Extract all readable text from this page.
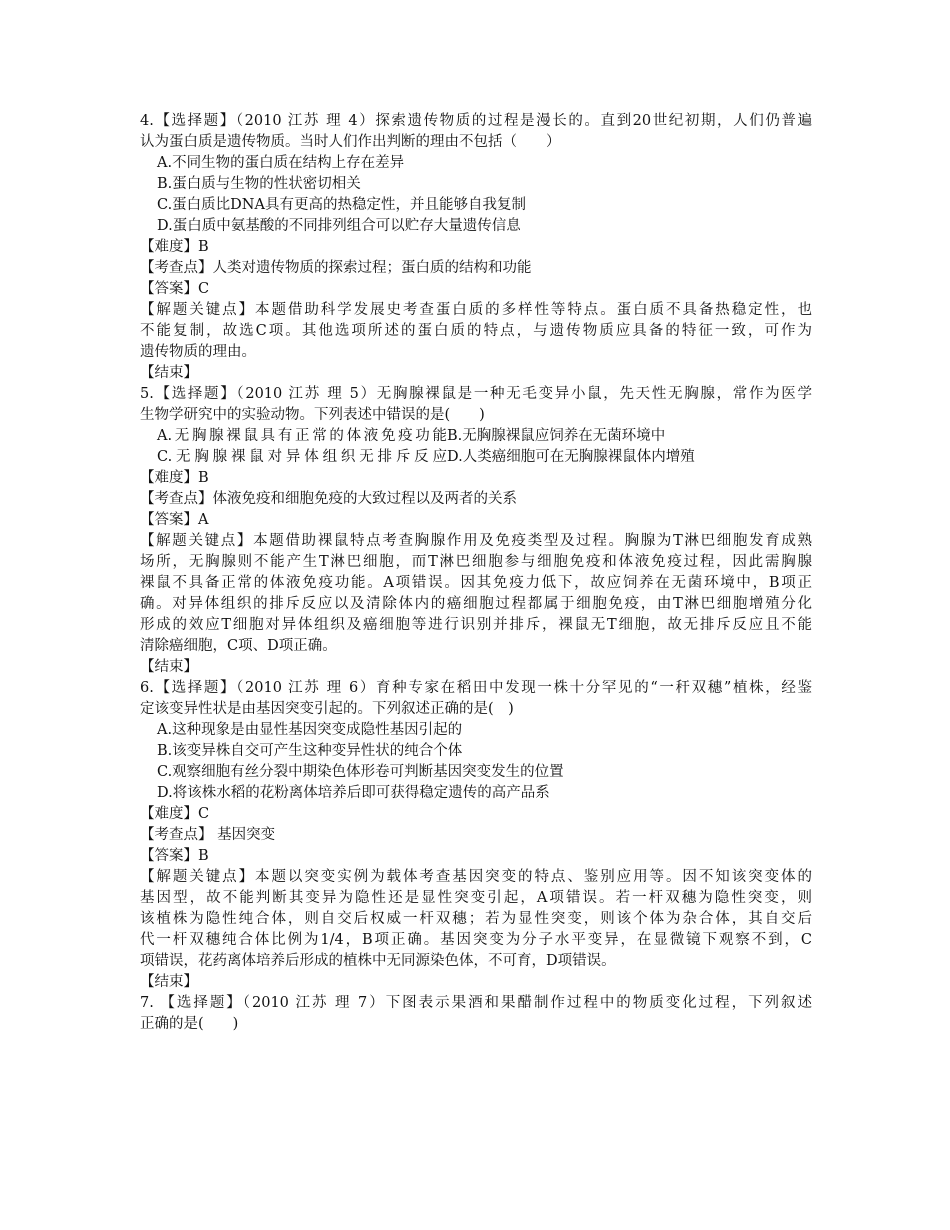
4.【选择题】（2010 江苏 理 4）探索遗传物质的过程是漫长的。直到20世纪初期，人们仍普遍
认为蛋白质是遗传物质。当时人们作出判断的理由不包括（　　）
A.不同生物的蛋白质在结构上存在差异
B.蛋白质与生物的性状密切相关
C.蛋白质比DNA具有更高的热稳定性，并且能够自我复制
D.蛋白质中氨基酸的不同排列组合可以贮存大量遗传信息
【难度】B
【考查点】人类对遗传物质的探索过程；蛋白质的结构和功能
【答案】C
【解题关键点】本题借助科学发展史考查蛋白质的多样性等特点。蛋白质不具备热稳定性，也
不能复制，故选C项。其他选项所述的蛋白质的特点，与遗传物质应具备的特征一致，可作为
遗传物质的理由。
【结束】
5.【选择题】（2010 江苏 理 5）无胸腺裸鼠是一种无毛变异小鼠，先天性无胸腺，常作为医学
生物学研究中的实验动物。下列表述中错误的是(　　)
A.无胸腺裸鼠具有正常的体液免疫功能 B.无胸腺裸鼠应饲养在无菌环境中
C.无胸腺裸鼠对异体组织无排斥反应 D.人类癌细胞可在无胸腺裸鼠体内增殖
【难度】B
【考查点】体液免疫和细胞免疫的大致过程以及两者的关系
【答案】A
【解题关键点】本题借助裸鼠特点考查胸腺作用及免疫类型及过程。胸腺为T淋巴细胞发育成熟
场所，无胸腺则不能产生T淋巴细胞，而T淋巴细胞参与细胞免疫和体液免疫过程，因此需胸腺
裸鼠不具备正常的体液免疫功能。A项错误。因其免疫力低下，故应饲养在无菌环境中，B项正
确。对异体组织的排斥反应以及清除体内的癌细胞过程都属于细胞免疫，由T淋巴细胞增殖分化
形成的效应T细胞对异体组织及癌细胞等进行识别并排斥，裸鼠无T细胞，故无排斥反应且不能
清除癌细胞，C项、D项正确。
【结束】
6.【选择题】（2010 江苏 理 6）育种专家在稻田中发现一株十分罕见的“一秆双穗”植株，经鉴
定该变异性状是由基因突变引起的。下列叙述正确的是(　)
A.这种现象是由显性基因突变成隐性基因引起的
B.该变异株自交可产生这种变异性状的纯合个体
C.观察细胞有丝分裂中期染色体形卷可判断基因突变发生的位置
D.将该株水稻的花粉离体培养后即可获得稳定遗传的高产品系
【难度】C
【考查点】 基因突变
【答案】B
【解题关键点】本题以突变实例为载体考查基因突变的特点、鉴别应用等。因不知该突变体的
基因型，故不能判断其变异为隐性还是显性突变引起，A项错误。若一杆双穗为隐性突变，则
该植株为隐性纯合体，则自交后权威一杆双穗；若为显性突变，则该个体为杂合体，其自交后
代一杆双穗纯合体比例为1/4，B项正确。基因突变为分子水平变异，在显微镜下观察不到，C
项错误，花药离体培养后形成的植株中无同源染色体，不可育，D项错误。
【结束】
7. 【选择题】（2010 江苏 理 7）下图表示果酒和果醋制作过程中的物质变化过程，下列叙述
正确的是(　　)
